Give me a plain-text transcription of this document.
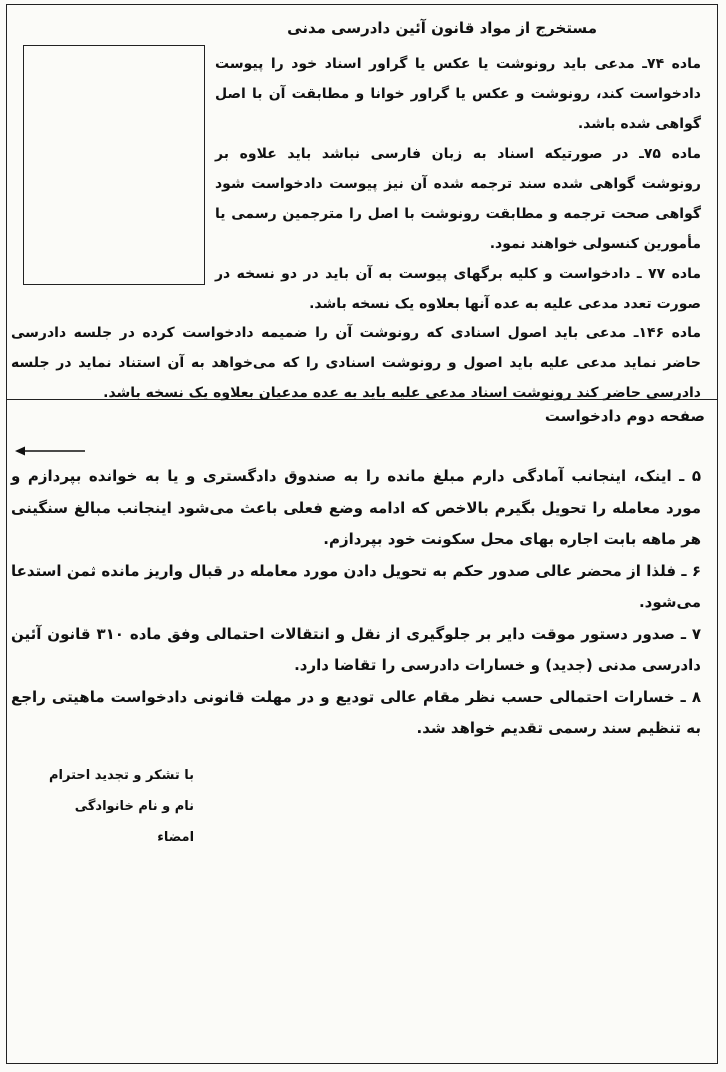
مستخرج از مواد قانون آئین دادرسی مدنی

ماده ۷۴ـ مدعی باید رونوشت یا عکس یا گراور اسناد خود را پیوست دادخواست کند، رونوشت و عکس یا گراور خوانا و مطابقت آن با اصل گواهی شده باشد.

ماده ۷۵ـ در صورتیکه اسناد به زبان فارسی نباشد باید علاوه بر رونوشت گواهی شده سند ترجمه شده آن نیز پیوست دادخواست شود گواهی صحت ترجمه و مطابقت رونوشت با اصل را مترجمین رسمی یا مأمورین کنسولی خواهند نمود.

ماده ۷۷ ـ دادخواست و کلیه برگهای پیوست به آن باید در دو نسخه در صورت تعدد مدعی علیه به عده آنها بعلاوه یک نسخه باشد.

ماده ۱۴۶ـ مدعی باید اصول اسنادی که رونوشت آن را ضمیمه دادخواست کرده در جلسه دادرسی حاضر نماید مدعی علیه باید اصول و رونوشت اسنادی را که می‌خواهد به آن استناد نماید در جلسه دادرسی حاضر کند رونوشت اسناد مدعی علیه باید به عده مدعیان بعلاوه یک نسخه باشد.

صفحه دوم دادخواست

۵ ـ اینک، اینجانب آمادگی دارم مبلغ مانده را به صندوق دادگستری و یا به خوانده بپردازم و مورد معامله را تحویل بگیرم بالاخص که ادامه وضع فعلی باعث می‌شود اینجانب مبالغ سنگینی هر ماهه بابت اجاره بهای محل سکونت خود بپردازم.

۶ ـ فلذا از محضر عالی صدور حکم به تحویل دادن مورد معامله در قبال واریز مانده ثمن استدعا می‌شود.

۷ ـ صدور دستور موقت دایر بر جلوگیری از نقل و انتقالات احتمالی وفق ماده ۳۱۰ قانون آئین دادرسی مدنی (جدید) و خسارات دادرسی را تقاضا دارد.

۸ ـ خسارات احتمالی حسب نظر مقام عالی تودیع و در مهلت قانونی دادخواست ماهیتی راجع به تنظیم سند رسمی تقدیم خواهد شد.

با تشکر و تجدید احترام
نام و نام خانوادگی
امضاء
